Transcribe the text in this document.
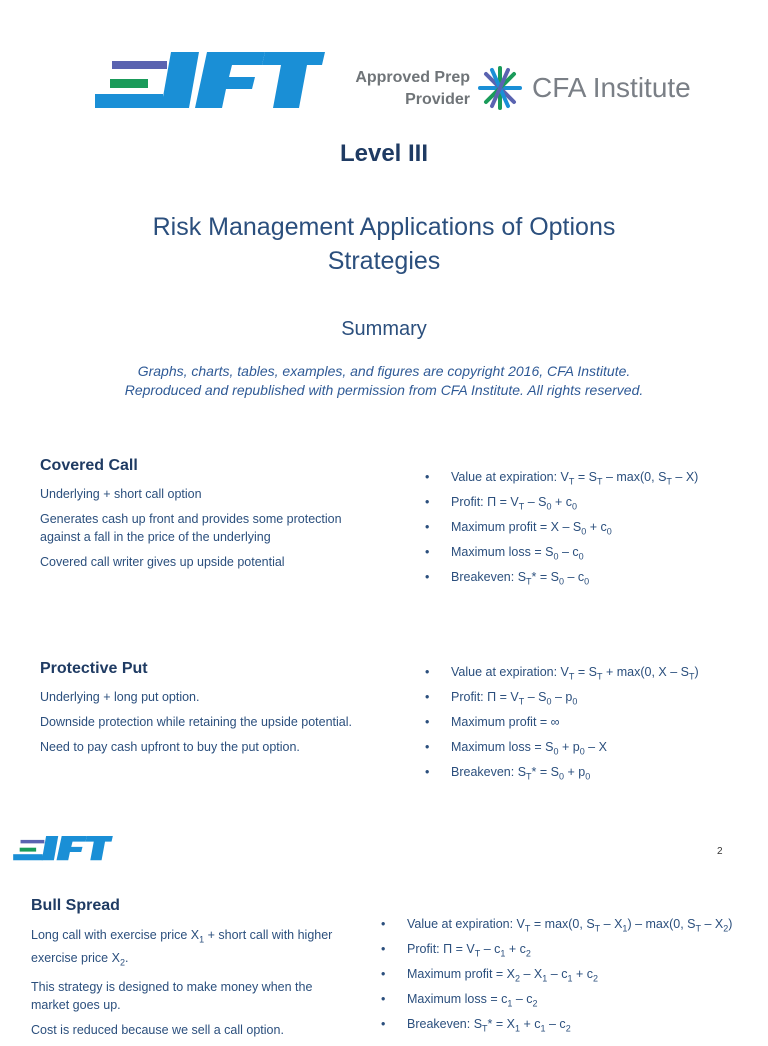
Approved Prep
Provider CFA Institute
Level III
Risk Management Applications of Options
Strategies
Summary
Graphs, charts, tables, examples, and figures are copyright 2016, CFA Institute.
Reproduced and republished with permission from CFA Institute. All rights reserved.
Covered Call

Underlying + short call option

Generates cash up front and provides some protection against a fall in the price of the underlying

Covered call writer gives up upside potential

• Value at expiration: $V_T = S_T - \max(0$, $S_T - X$)
• Profit: $\Pi = V_T - S_0 + c_0$
• Maximum profit = $X - S_0 + c_0$
• Maximum loss = $S_0 - c_0$
• Breakeven: $S_T* = S_0 - c_0$
Protective Put

Underlying + long put option.

Downside protection while retaining the upside potential.

Need to pay cash upfront to buy the put option.

• Value at expiration: $V_T = S_T + \max(0$, X – $S_T$)
• Profit: $\Pi = V_T - S_0 - p_0$
• Maximum profit = ∞
• Maximum loss = $S_0 + p_0 - X$
• Breakeven: $S_T* = S_0 + p_0$
2
Bull Spread

Long call with exercise price $X_1$ + short call with higher exercise price $X_2$.

This strategy is designed to make money when the market goes up.

Cost is reduced because we sell a call option.

• Value at expiration: $V_T = \max(0$, $S_T - X_1) - \max(0$, $S_T - X_2$)
• Profit: $\Pi = V_T - c_1 + c_2$
• Maximum profit = $X_2 - X_1 - c_1 + c_2$
• Maximum loss = $c_1 - c_2$
• Breakeven: $S_T* = X_1 + c_1 - c_2$
